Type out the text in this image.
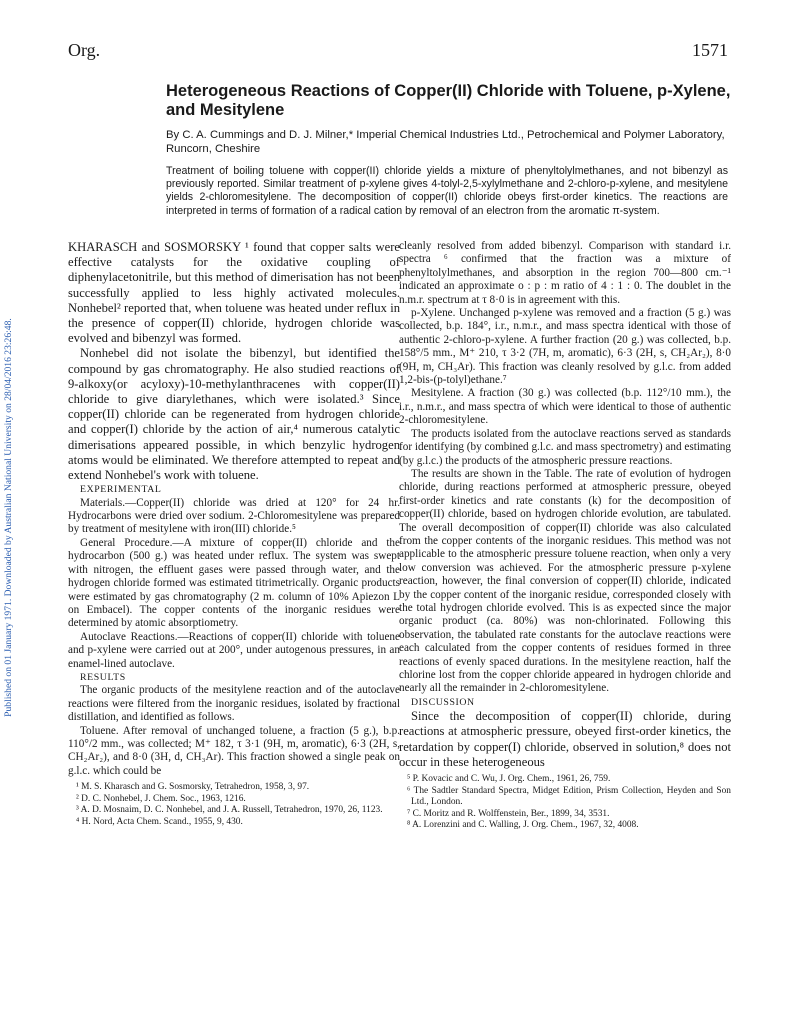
Published on 01 January 1971. Downloaded by Australian National University on 28/04/2016 23:26:48.
Org.	1571
Heterogeneous Reactions of Copper(II) Chloride with Toluene, p-Xylene, and Mesitylene
By C. A. Cummings and D. J. Milner,* Imperial Chemical Industries Ltd., Petrochemical and Polymer Laboratory, Runcorn, Cheshire
Treatment of boiling toluene with copper(II) chloride yields a mixture of phenyltolylmethanes, and not bibenzyl as previously reported. Similar treatment of p-xylene gives 4-tolyl-2,5-xylylmethane and 2-chloro-p-xylene, and mesitylene yields 2-chloromesitylene. The decomposition of copper(II) chloride obeys first-order kinetics. The reactions are interpreted in terms of formation of a radical cation by removal of an electron from the aromatic π-system.

KHARASCH and SOSMORSKY ¹ found that copper salts were effective catalysts for the oxidative coupling of diphenylacetonitrile, but this method of dimerisation has not been successfully applied to less highly activated molecules. Nonhebel² reported that, when toluene was heated under reflux in the presence of copper(II) chloride, hydrogen chloride was evolved and bibenzyl was formed.

Nonhebel did not isolate the bibenzyl, but identified the compound by gas chromatography. He also studied reactions of 9-alkoxy(or acyloxy)-10-methylanthracenes with copper(II) chloride to give diarylethanes, which were isolated.³ Since copper(II) chloride can be regenerated from hydrogen chloride and copper(I) chloride by the action of air,⁴ numerous catalytic dimerisations appeared possible, in which benzylic hydrogen atoms would be eliminated. We therefore attempted to repeat and extend Nonhebel's work with toluene.

EXPERIMENTAL

Materials.—Copper(II) chloride was dried at 120° for 24 hr. Hydrocarbons were dried over sodium. 2-Chloromesitylene was prepared by treatment of mesitylene with iron(III) chloride.⁵

General Procedure.—A mixture of copper(II) chloride and the hydrocarbon (500 g.) was heated under reflux. The system was swept with nitrogen, the effluent gases were passed through water, and the hydrogen chloride formed was estimated titrimetrically. Organic products were estimated by gas chromatography (2 m. column of 10% Apiezon L on Embacel). The copper contents of the inorganic residues were determined by atomic absorptiometry.

Autoclave Reactions.—Reactions of copper(II) chloride with toluene and p-xylene were carried out at 200°, under autogenous pressures, in an enamel-lined autoclave.

RESULTS

The organic products of the mesitylene reaction and of the autoclave reactions were filtered from the inorganic residues, isolated by fractional distillation, and identified as follows.

Toluene. After removal of unchanged toluene, a fraction (5 g.), b.p. 110°/2 mm., was collected; M⁺ 182, τ 3·1 (9H, m, aromatic), 6·3 (2H, s, CH₂Ar₂), and 8·0 (3H, d, CH₃Ar). This fraction showed a single peak on g.l.c. which could be

¹ M. S. Kharasch and G. Sosmorsky, Tetrahedron, 1958, 3, 97.
² D. C. Nonhebel, J. Chem. Soc., 1963, 1216.
³ A. D. Mosnaim, D. C. Nonhebel, and J. A. Russell, Tetrahedron, 1970, 26, 1123.
⁴ H. Nord, Acta Chem. Scand., 1955, 9, 430.

cleanly resolved from added bibenzyl. Comparison with standard i.r. spectra ⁶ confirmed that the fraction was a mixture of phenyltolylmethanes, and absorption in the region 700—800 cm.⁻¹ indicated an approximate o : p : m ratio of 4 : 1 : 0. The doublet in the n.m.r. spectrum at τ 8·0 is in agreement with this.

p-Xylene. Unchanged p-xylene was removed and a fraction (5 g.) was collected, b.p. 184°, i.r., n.m.r., and mass spectra identical with those of authentic 2-chloro-p-xylene. A further fraction (20 g.) was collected, b.p. 158°/5 mm., M⁺ 210, τ 3·2 (7H, m, aromatic), 6·3 (2H, s, CH₂Ar₂), 8·0 (9H, m, CH₃Ar). This fraction was cleanly resolved by g.l.c. from added 1,2-bis-(p-tolyl)ethane.⁷

Mesitylene. A fraction (30 g.) was collected (b.p. 112°/10 mm.), the i.r., n.m.r., and mass spectra of which were identical to those of authentic 2-chloromesitylene.

The products isolated from the autoclave reactions served as standards for identifying (by combined g.l.c. and mass spectrometry) and estimating (by g.l.c.) the products of the atmospheric pressure reactions.

The results are shown in the Table. The rate of evolution of hydrogen chloride, during reactions performed at atmospheric pressure, obeyed first-order kinetics and rate constants (k) for the decomposition of copper(II) chloride, based on hydrogen chloride evolution, are tabulated. The overall decomposition of copper(II) chloride was also calculated from the copper contents of the inorganic residues. This method was not applicable to the atmospheric pressure toluene reaction, when only a very low conversion was achieved. For the atmospheric pressure p-xylene reaction, however, the final conversion of copper(II) chloride, indicated by the copper content of the inorganic residue, corresponded closely with the total hydrogen chloride evolved. This is as expected since the major organic product (ca. 80%) was non-chlorinated. Following this observation, the tabulated rate constants for the autoclave reactions were each calculated from the copper contents of residues formed in three reactions of evenly spaced durations. In the mesitylene reaction, half the chlorine lost from the copper chloride appeared in hydrogen chloride and nearly all the remainder in 2-chloromesitylene.

DISCUSSION

Since the decomposition of copper(II) chloride, during reactions at atmospheric pressure, obeyed first-order kinetics, the retardation by copper(I) chloride, observed in solution,⁸ does not occur in these heterogeneous

⁵ P. Kovacic and C. Wu, J. Org. Chem., 1961, 26, 759.
⁶ The Sadtler Standard Spectra, Midget Edition, Prism Collection, Heyden and Son Ltd., London.
⁷ C. Moritz and R. Wolffenstein, Ber., 1899, 34, 3531.
⁸ A. Lorenzini and C. Walling, J. Org. Chem., 1967, 32, 4008.
